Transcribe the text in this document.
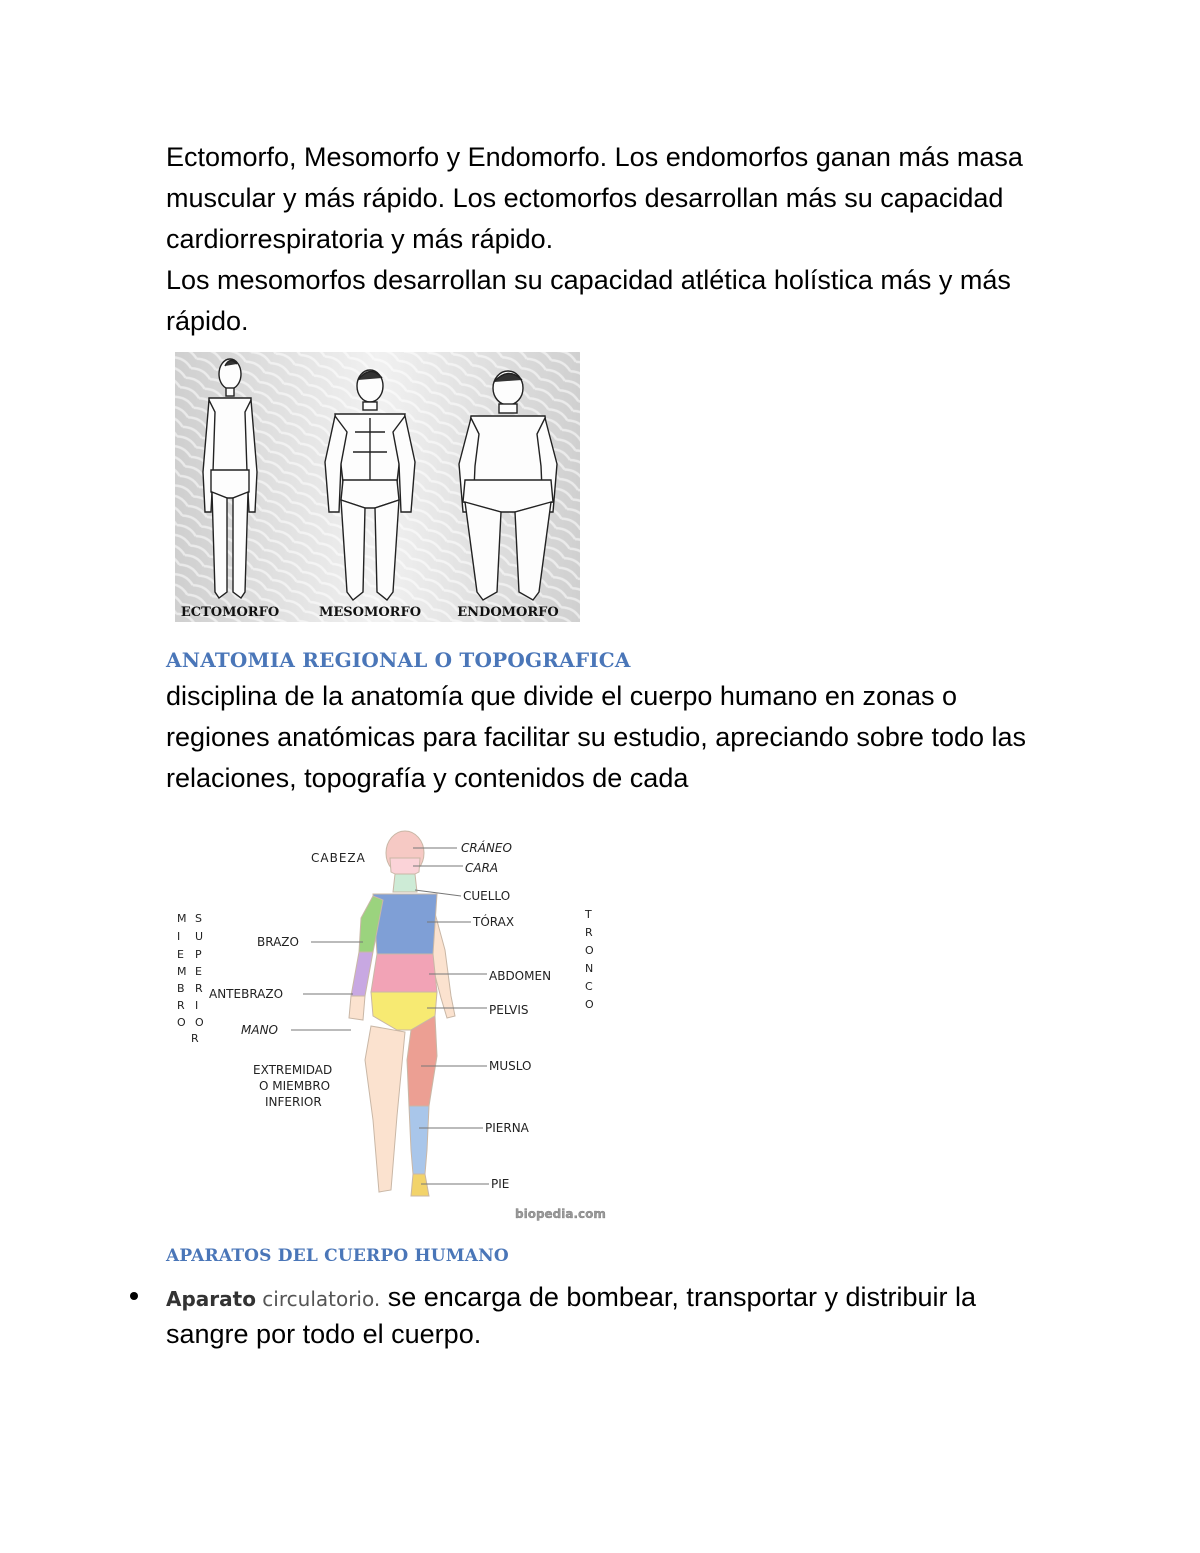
Ectomorfo, Mesomorfo y Endomorfo. Los endomorfos ganan más masa muscular y más rápido. Los ectomorfos desarrollan más su capacidad cardiorrespiratoria y más rápido.

Los mesomorfos desarrollan su capacidad atlética holística más y más rápido.

ECTOMORFO	MESOMORFO	ENDOMORFO
ANATOMIA REGIONAL O TOPOGRAFICA

disciplina de la anatomía que divide el cuerpo humano en zonas o regiones anatómicas para facilitar su estudio, apreciando sobre todo las relaciones, topografía y contenidos de cada

CABEZA
CRÁNEO
CARA
CUELLO
TÓRAX
ABDOMEN
PELVIS
MUSLO
PIERNA
PIE
BRAZO
ANTEBRAZO
MANO
EXTREMIDAD
O MIEMBRO
INFERIOR
M
I
E
M
B
R
O
S
U
P
E
R
I
O
R
T
R
O
N
C
O
biopedia.com
APARATOS DEL CUERPO HUMANO
Aparato circulatorio. se encarga de bombear, transportar y distribuir la sangre por todo el cuerpo.
